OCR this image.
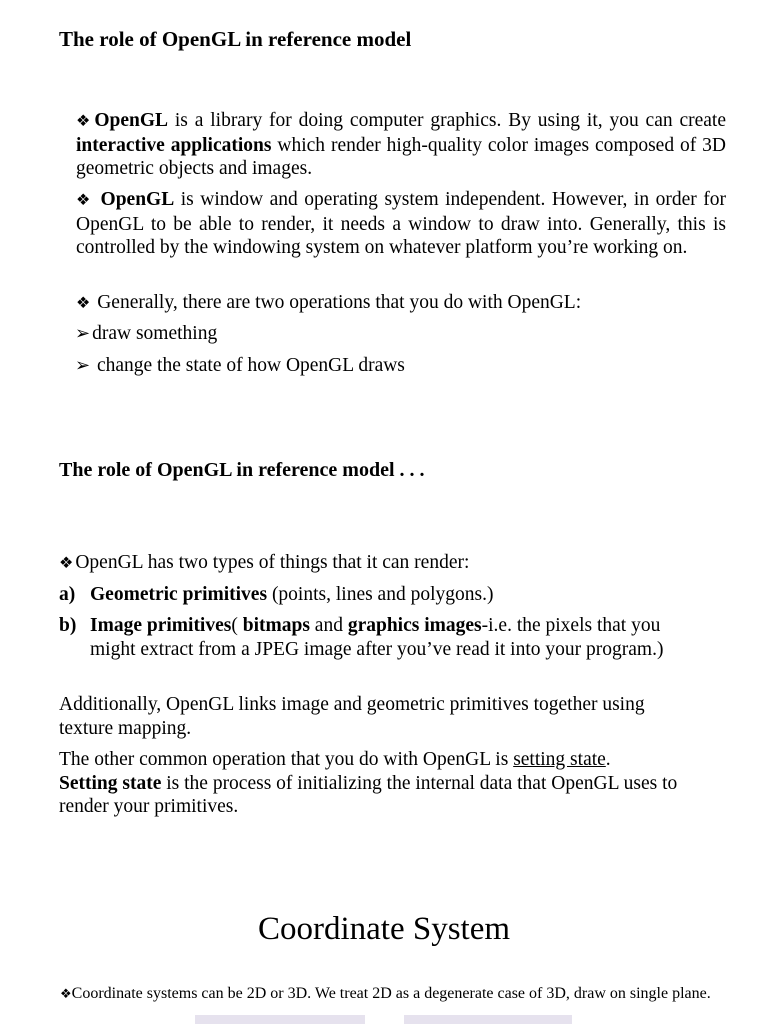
The role of OpenGL in reference model
❖ OpenGL is a library for doing computer graphics. By using it, you can create interactive applications which render high-quality color images composed of 3D geometric objects and images.
❖ OpenGL is window and operating system independent. However, in order for OpenGL to be able to render, it needs a window to draw into. Generally, this is controlled by the windowing system on whatever platform you’re working on.
❖ Generally, there are two operations that you do with OpenGL:
➢ draw something
➢ change the state of how OpenGL draws
The role of OpenGL in reference model . . .
❖ OpenGL has two types of things that it can render:
a) Geometric primitives (points, lines and polygons.)
b) Image primitives( bitmaps and graphics images-i.e. the pixels that you might extract from a JPEG image after you’ve read it into your program.)
Additionally, OpenGL links image and geometric primitives together using texture mapping.
The other common operation that you do with OpenGL is setting state.
Setting state is the process of initializing the internal data that OpenGL uses to render your primitives.
Coordinate System
❖Coordinate systems can be 2D or 3D. We treat 2D as a degenerate case of 3D, draw on single plane.
